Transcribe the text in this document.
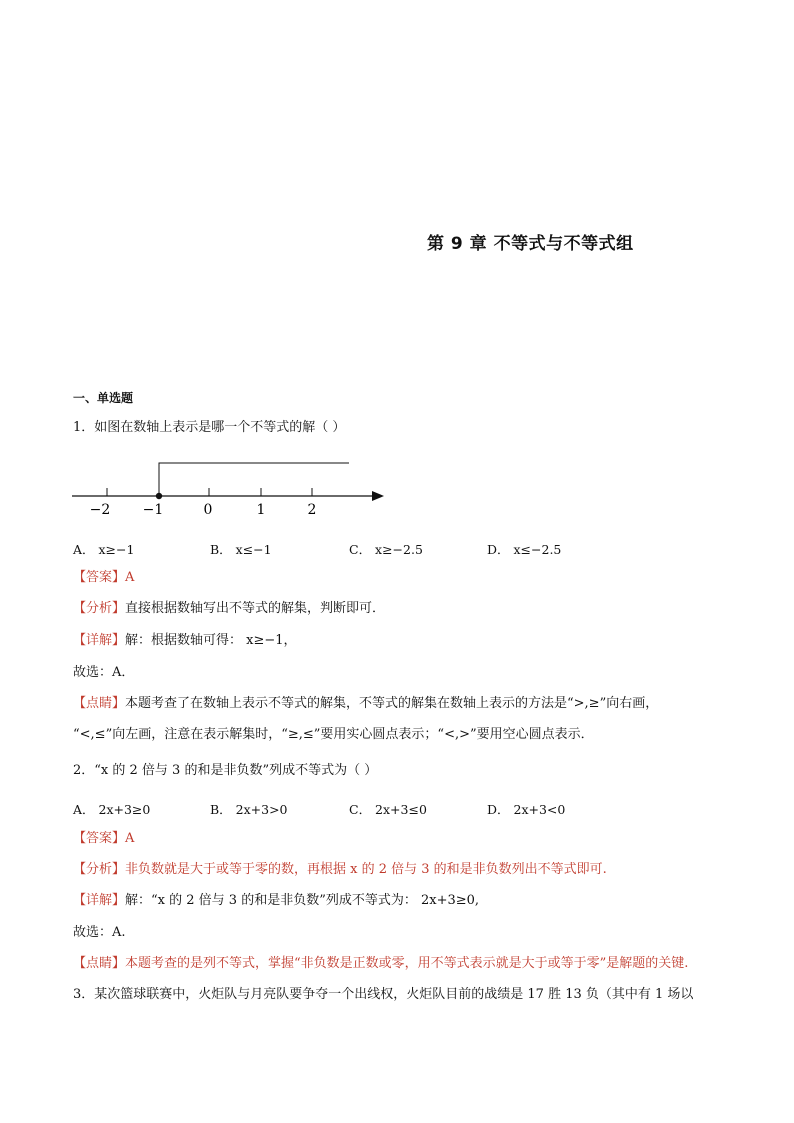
第 9 章 不等式与不等式组
一、单选题
1．如图在数轴上表示是哪一个不等式的解（ ）
−2 −1	0	1	2
A． x≥−1	B． x≤−1	C． x≥−2.5	D． x≤−2.5
【答案】A
【分析】直接根据数轴写出不等式的解集，判断即可．
【详解】解：根据数轴可得： x≥−1，
故选：A．
【点睛】本题考查了在数轴上表示不等式的解集，不等式的解集在数轴上表示的方法是“>,≥”向右画，
“<,≤”向左画，注意在表示解集时，“≥,≤”要用实心圆点表示；“<,>”要用空心圆点表示．
2．“x 的 2 倍与 3 的和是非负数”列成不等式为（ ）
A． 2x+3≥0	B． 2x+3>0	C． 2x+3≤0	D． 2x+3<0
【答案】A
【分析】非负数就是大于或等于零的数，再根据 x 的 2 倍与 3 的和是非负数列出不等式即可.
【详解】解：“x 的 2 倍与 3 的和是非负数”列成不等式为： 2x+3≥0,
故选：A.
【点睛】本题考查的是列不等式，掌握“非负数是正数或零，用不等式表示就是大于或等于零”是解题的关键.
3．某次篮球联赛中，火炬队与月亮队要争夺一个出线权，火炬队目前的战绩是 17 胜 13 负（其中有 1 场以
